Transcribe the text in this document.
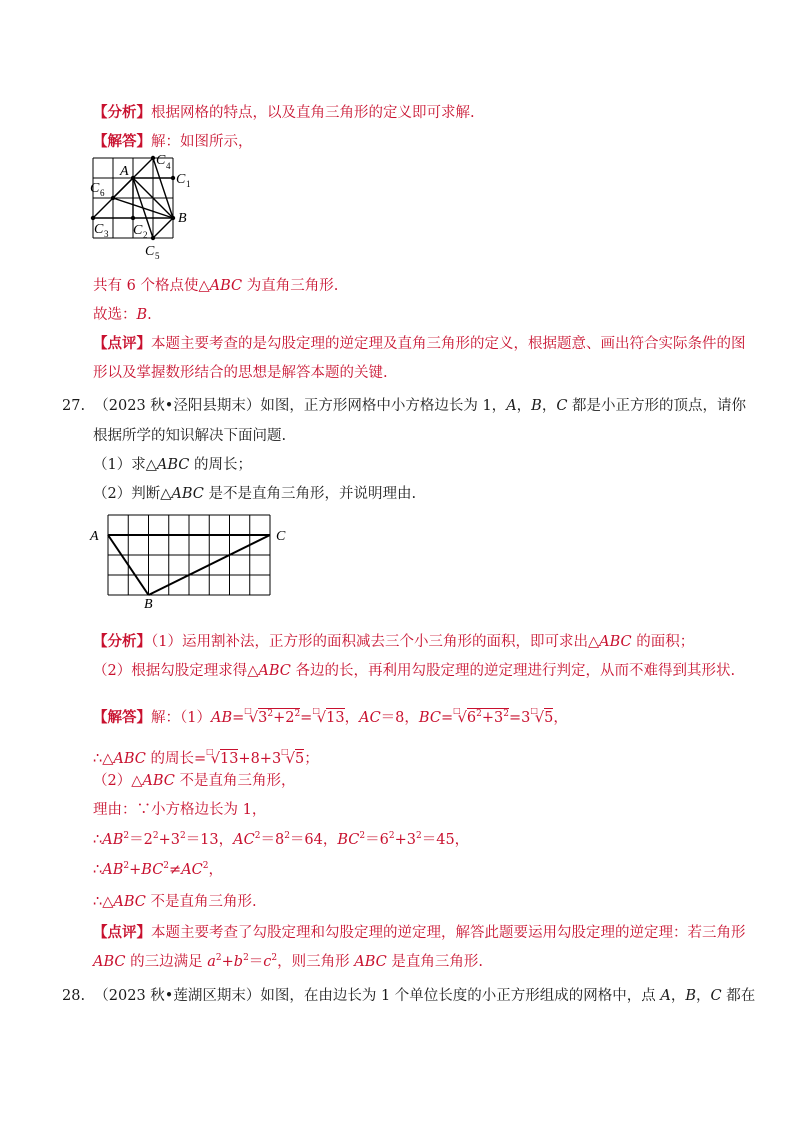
【分析】根据网格的特点，以及直角三角形的定义即可求解.
【解答】解：如图所示，
A
B
C
C
C
C C
C
4
1
6
3	2
5
共有 6 个格点使△ABC 为直角三角形.
故选：B.
【点评】本题主要考查的是勾股定理的逆定理及直角三角形的定义，根据题意、画出符合实际条件的图
形以及掌握数形结合的思想是解答本题的关键.
27. （2023 秋•泾阳县期末）如图，正方形网格中小方格边长为 1，A，B，C 都是小正方形的顶点，请你
根据所学的知识解决下面问题.
（1）求△ABC 的周长；
（2）判断△ABC 是不是直角三角形，并说明理由.
A	C
B
【分析】（1）运用割补法，正方形的面积减去三个小三角形的面积，即可求出△ABC 的面积；
（2）根据勾股定理求得△ABC 各边的长，再利用勾股定理的逆定理进行判定，从而不难得到其形状.
【解答】解：$(1)AB=^□√3^2+2^2=^□√13$，AC＝8，$BC=^□√6^2+3^2=3^□√5$，
∴△ABC 的周长=□√13+8+3□√5；
（2）△ABC 不是直角三角形，
理由：∵小方格边长为 1，
$\therefore AB^2=2^2+3^2=13$，$AC^2=8^2=64$，$BC^2=6^2+3^2=45$，
$\therefore AB^2+BC^2\ne AC^2$，
∴△ABC 不是直角三角形.
【点评】本题主要考查了勾股定理和勾股定理的逆定理，解答此题要运用勾股定理的逆定理：若三角形
ABC 的三边满足 $a^2+b^2=c^2$，则三角形 ABC 是直角三角形.
28. （2023 秋•莲湖区期末）如图，在由边长为 1 个单位长度的小正方形组成的网格中，点 A，B，C 都在
